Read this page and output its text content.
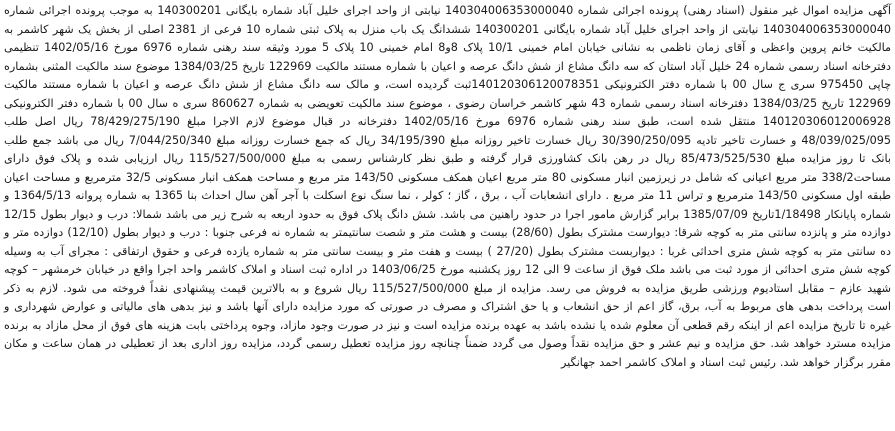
آگهی مزایده اموال غیر منقول (اسناد رهنی) پرونده اجرائی شماره 140304006353000040 نیابتی از واحد اجرای خلیل آباد شماره بایگانی 140300201 به موجب پرونده اجرائی شماره 140304006353000040 نیابتی از واحد اجرای خلیل آباد شماره بایگانی 140300201 ششدانگ یک باب منزل به پلاک ثبتی شماره 10 فرعی از 2381 اصلی از بخش یک شهر کاشمر به مالکیت خانم پروین واعظی و آقای زمان ناظمی به نشانی خیابان امام خمینی 10/1 پلاک 8و8 امام خمینی 10 پلاک 5 مورد وثیقه سند رهنی شماره 6976 مورخ 1402/05/16 تنظیمی دفترخانه اسناد رسمی شماره 24 خلیل آباد استان که سه دانگ مشاع از شش دانگ عرصه و اعیان با شماره مستند مالکیت 122969 تاریخ 1384/03/25 موضوع سند مالکیت المثنی بشماره چاپی 975450 سری ج سال 00 با شماره دفتر الکترونیکی 140120306120078351ثبت گردیده است، و مالک سه دانگ مشاع از شش دانگ عرصه و اعیان با شماره مستند مالکیت 122969 تاریخ 1384/03/25 دفترخانه اسناد رسمی شماره 43 شهر کاشمر خراسان رضوی ، موضوع سند مالکیت تعویضی به شماره 860627 سری ه سال 00 با شماره دفتر الکترونیکی 140120306012006928 منتقل شده است، طبق سند رهنی شماره 6976 مورخ 1402/05/16 دفترخانه در قبال موضوع لازم الاجرا مبلغ 78/429/275/190 ریال اصل طلب 48/039/025/095 و خسارت تاخیر تادیه 30/390/250/095 ریال خسارت تاخیر روزانه مبلغ 34/195/390 ریال که جمع خسارت روزانه مبلغ 7/044/250/340 ریال می باشد جمع طلب بانک تا روز مزایده مبلغ 85/473/525/530 ریال در رهن بانک کشاورزی قرار گرفته و طبق نظر کارشناس رسمی به مبلغ 115/527/500/000 ریال ارزیابی شده و پلاک فوق دارای مساحت338/2 متر مربع اعیانی که شامل در زیرزمین انبار مسکونی 80 متر مربع اعیان همکف مسکونی 143/50 متر مربع و مساحت همکف انبار مسکونی 32/5 مترمربع و مساحت اعیان طبقه اول مسکونی 143/50 مترمربع و تراس 11 متر مربع . دارای انشعابات آب ، برق ، گاز ؛ کولر ، نما سنگ نوع اسکلت با آجر آهن سال احداث بنا 1365 به شماره پروانه 1364/5/13 و شماره پایانکار 1/18498تاریخ 1385/07/09 برابر گزارش مامور اجرا در حدود راهنین می باشد. شش دانگ پلاک فوق به حدود اربعه به شرح زیر می باشد شمالا: درب و دیوار بطول 12/15 دوازده متر و پانزده سانتی متر به کوچه شرقا: دیوارست مشترک بطول (28/60) بیست و هشت متر و شصت سانتیمتر به شماره نه فرعی جنوبا : درب و دیوار بطول (12/10) دوازده متر و ده سانتی متر به کوچه شش متری احداثی غربا : دیواربست مشترک بطول (27/20 ) بیست و هفت متر و بیست سانتی متر به شماره یازده فرعی و حقوق ارتفاقی : مجرای آب به وسیله کوچه شش متری احداثی از مورد ثبت می باشد ملک فوق از ساعت 9 الی 12 روز یکشنبه مورخ 1403/06/25 در اداره ثبت اسناد و املاک کاشمر واحد اجرا واقع در خیابان خرمشهر – کوچه شهید عازم – مقابل استادیوم ورزشی طریق مزایده به فروش می رسد. مزایده از مبلغ 115/527/500/000 ریال شروع و به بالاترین قیمت پیشنهادی نقداً فروخته می شود. لازم به ذکر است پرداخت بدهی های مربوط به آب، برق، گاز اعم از حق انشعاب و یا حق اشتراک و مصرف در صورتی که مورد مزایده دارای آنها باشد و نیز بدهی های مالیاتی و عوارض شهرداری و غیره تا تاریخ مزایده اعم از اینکه رقم قطعی آن معلوم شده یا نشده باشد به عهده برنده مزایده است و نیز در صورت وجود مازاد، وجوه پرداختی بابت هزینه های فوق از محل مازاد به برنده مزایده مسترد خواهد شد. حق مزایده و نیم عشر و حق مزایده نقداً وصول می گردد ضمناً چنانچه روز مزایده تعطیل رسمی گردد، مزایده روز اداری بعد از تعطیلی در همان ساعت و مکان مقرر برگزار خواهد شد. رئیس ثبت اسناد و املاک کاشمر احمد جهانگیر
